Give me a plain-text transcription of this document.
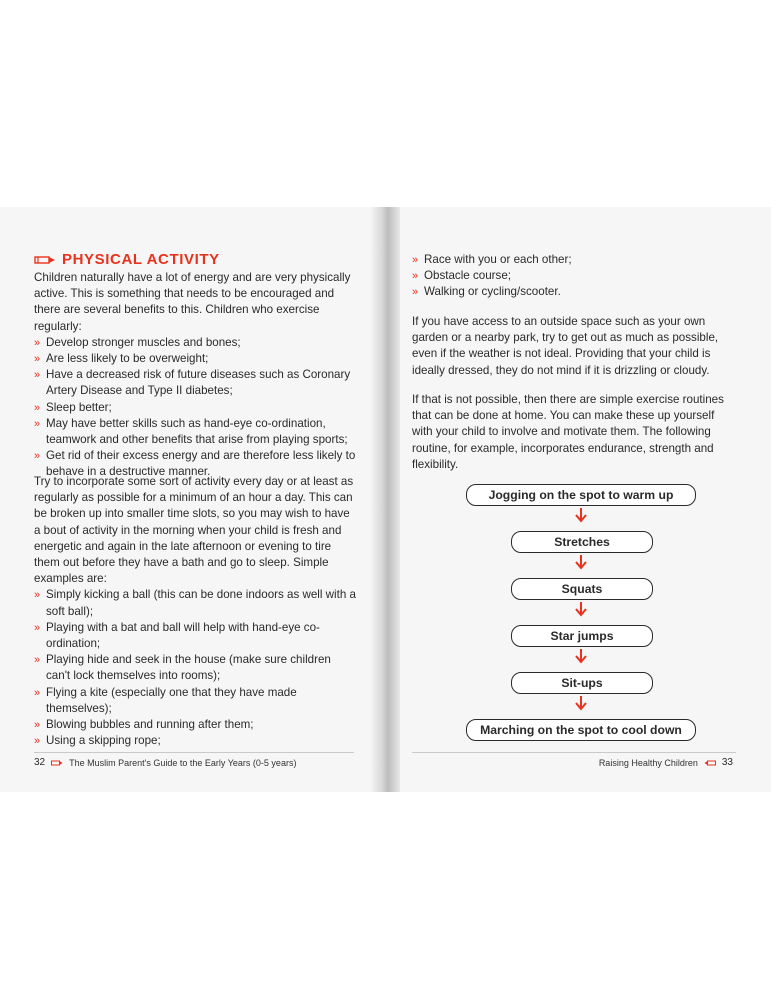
PHYSICAL ACTIVITY

Children naturally have a lot of energy and are very physically active. This is something that needs to be encouraged and there are several benefits to this. Children who exercise regularly:

» Develop stronger muscles and bones;
» Are less likely to be overweight;
» Have a decreased risk of future diseases such as Coronary Artery Disease and Type II diabetes;
» Sleep better;
» May have better skills such as hand-eye co-ordination, teamwork and other benefits that arise from playing sports;
» Get rid of their excess energy and are therefore less likely to behave in a destructive manner.

Try to incorporate some sort of activity every day or at least as regularly as possible for a minimum of an hour a day. This can be broken up into smaller time slots, so you may wish to have a bout of activity in the morning when your child is fresh and energetic and again in the late afternoon or evening to tire them out before they have a bath and go to sleep. Simple examples are:

» Simply kicking a ball (this can be done indoors as well with a soft ball);
» Playing with a bat and ball will help with hand-eye co-ordination;
» Playing hide and seek in the house (make sure children can't lock themselves into rooms);
» Flying a kite (especially one that they have made themselves);
» Blowing bubbles and running after them;
» Using a skipping rope;
32	The Muslim Parent's Guide to the Early Years (0-5 years)
» Race with you or each other;
» Obstacle course;
» Walking or cycling/scooter.

If you have access to an outside space such as your own garden or a nearby park, try to get out as much as possible, even if the weather is not ideal. Providing that your child is ideally dressed, they do not mind if it is drizzling or cloudy.

If that is not possible, then there are simple exercise routines that can be done at home. You can make these up yourself with your child to involve and motivate them. The following routine, for example, incorporates endurance, strength and flexibility.

Jogging on the spot to warm up
Stretches
Squats
Star jumps
Sit-ups
Marching on the spot to cool down
Raising Healthy Children 33
